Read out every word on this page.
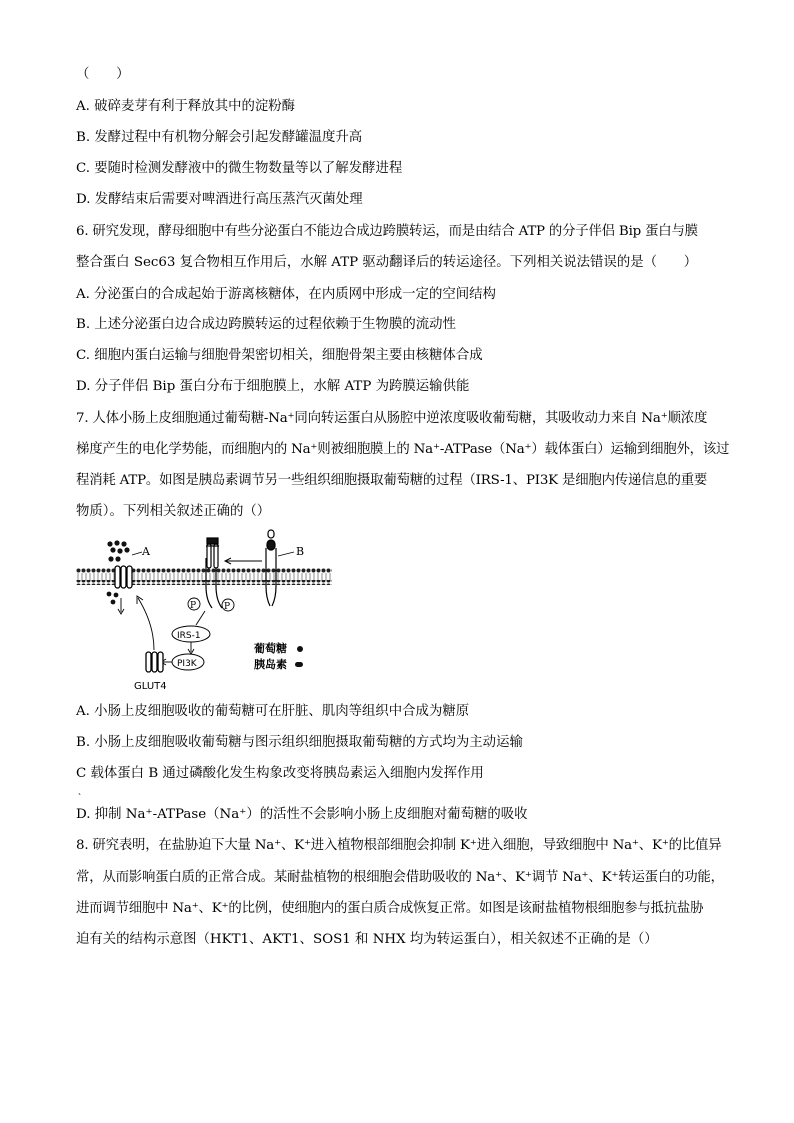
（　　）
A. 破碎麦芽有利于释放其中的淀粉酶
B. 发酵过程中有机物分解会引起发酵罐温度升高
C. 要随时检测发酵液中的微生物数量等以了解发酵进程
D. 发酵结束后需要对啤酒进行高压蒸汽灭菌处理
6. 研究发现，酵母细胞中有些分泌蛋白不能边合成边跨膜转运，而是由结合 ATP 的分子伴侣 Bip 蛋白与膜
整合蛋白 Sec63 复合物相互作用后，水解 ATP 驱动翻译后的转运途径。下列相关说法错误的是（　　）
A. 分泌蛋白的合成起始于游离核糖体，在内质网中形成一定的空间结构
B. 上述分泌蛋白边合成边跨膜转运的过程依赖于生物膜的流动性
C. 细胞内蛋白运输与细胞骨架密切相关，细胞骨架主要由核糖体合成
D. 分子伴侣 Bip 蛋白分布于细胞膜上，水解 ATP 为跨膜运输供能
7. 人体小肠上皮细胞通过葡萄糖-Na⁺同向转运蛋白从肠腔中逆浓度吸收葡萄糖，其吸收动力来自 Na⁺顺浓度
梯度产生的电化学势能，而细胞内的 Na⁺则被细胞膜上的 Na⁺-ATPase（Na⁺）载体蛋白）运输到细胞外，该过
程消耗 ATP。如图是胰岛素调节另一些组织细胞摄取葡萄糖的过程（IRS-1、PI3K 是细胞内传递信息的重要
物质）。下列相关叙述正确的（）
A	B
P	P
IRS-1
PI3K
GLUT4
葡萄糖
胰岛素
A. 小肠上皮细胞吸收的葡萄糖可在肝脏、肌肉等组织中合成为糖原
B. 小肠上皮细胞吸收葡萄糖与图示组织细胞摄取葡萄糖的方式均为主动运输
C 载体蛋白 B 通过磷酸化发生构象改变将胰岛素运入细胞内发挥作用
、
D. 抑制 Na⁺-ATPase（Na⁺）的活性不会影响小肠上皮细胞对葡萄糖的吸收
8. 研究表明，在盐胁迫下大量 Na⁺、K⁺进入植物根部细胞会抑制 K⁺进入细胞，导致细胞中 Na⁺、K⁺的比值异
常，从而影响蛋白质的正常合成。某耐盐植物的根细胞会借助吸收的 Na⁺、K⁺调节 Na⁺、K⁺转运蛋白的功能，
进而调节细胞中 Na⁺、K⁺的比例，使细胞内的蛋白质合成恢复正常。如图是该耐盐植物根细胞参与抵抗盐胁
迫有关的结构示意图（HKT1、AKT1、SOS1 和 NHX 均为转运蛋白），相关叙述不正确的是（）
